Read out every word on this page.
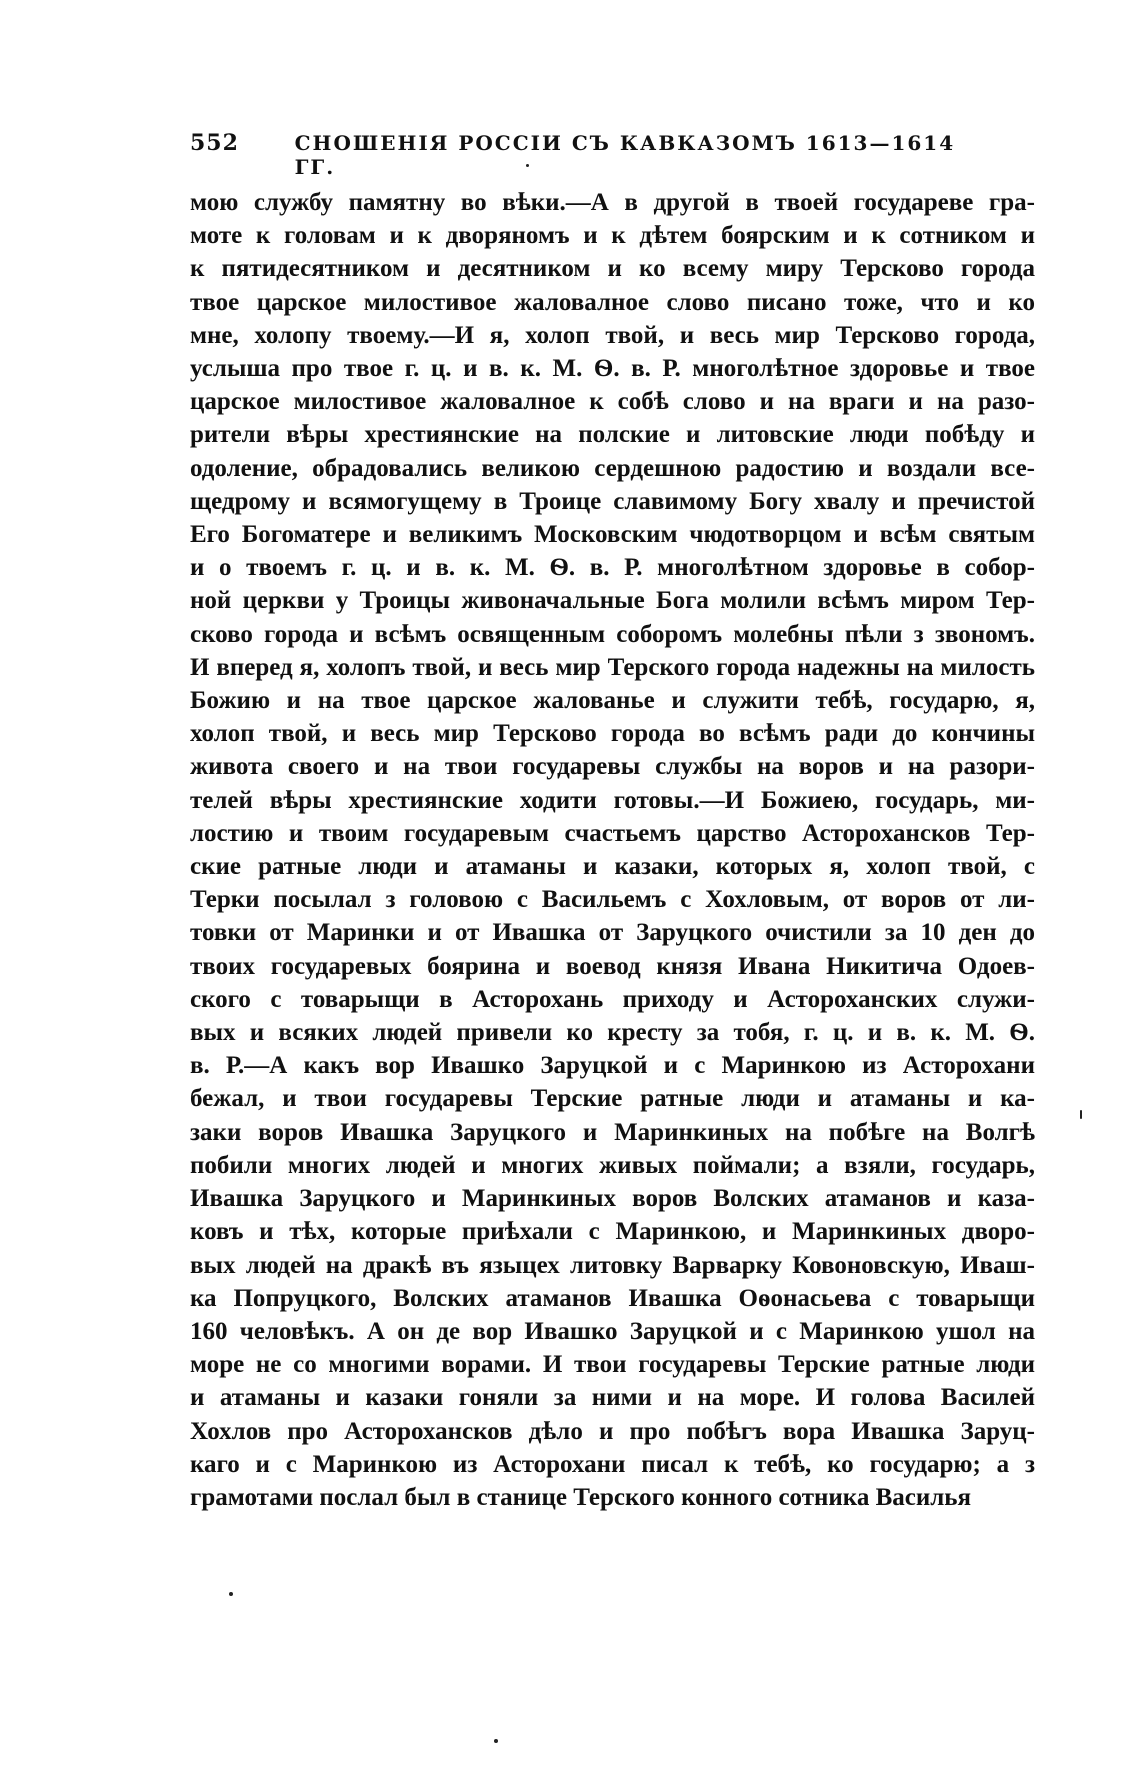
552	СНОШЕНІЯ РОССІИ СЪ КАВКАЗОМЪ 1613—1614 ГГ.
мою службу памятну во вѣки.—А в другой в твоей государеве гра-
моте к головам и к дворяномъ и к дѣтем боярским и к сотником и
к пятидесятником и десятником и ко всему миру Терсково города
твое царское милостивое жаловалное слово писано тоже, что и ко
мне, холопу твоему.—И я, холоп твой, и весь мир Терсково города,
услыша про твое г. ц. и в. к. М. Ѳ. в. Р. многолѣтное здоровье и твое
царское милостивое жаловалное к собѣ слово и на враги и на разо-
рители вѣры хрестиянские на полские и литовские люди побѣду и
одоление, обрадовались великою сердешною радостию и воздали все-
щедрому и всямогущему в Троице славимому Богу хвалу и пречистой
Его Богоматере и великимъ Московским чюдотворцом и всѣм святым
и о твоемъ г. ц. и в. к. М. Ѳ. в. Р. многолѣтном здоровье в собор-
ной церкви у Троицы живоначальные Бога молили всѣмъ миром Тер-
сково города и всѣмъ освященным соборомъ молебны пѣли з звономъ.
И вперед я, холопъ твой, и весь мир Терского города надежны на милость
Божию и на твое царское жалованье и служити тебѣ, государю, я,
холоп твой, и весь мир Терсково города во всѣмъ ради до кончины
живота своего и на твои государевы службы на воров и на разори-
телей вѣры хрестиянские ходити готовы.—И Божиею, государь, ми-
лостию и твоим государевым счастьемъ царство Асторохансков Тер-
ские ратные люди и атаманы и казаки, которых я, холоп твой, с
Терки посылал з головою с Васильемъ с Хохловым, от воров от ли-
товки от Маринки и от Ивашка от Заруцкого очистили за 10 ден до
твоих государевых боярина и воевод князя Ивана Никитича Одоев-
ского с товарыщи в Асторохань приходу и Астороханских служи-
вых и всяких людей привели ко кресту за тобя, г. ц. и в. к. М. Ѳ.
в. Р.—А какъ вор Ивашко Заруцкой и с Маринкою из Асторохани
бежал, и твои государевы Терские ратные люди и атаманы и ка-
заки воров Ивашка Заруцкого и Маринкиных на побѣге на Волгѣ
побили многих людей и многих живых поймали; а взяли, государь,
Ивашка Заруцкого и Маринкиных воров Волских атаманов и каза-
ковъ и тѣх, которые приѣхали с Маринкою, и Маринкиных дворо-
вых людей на дракѣ въ языцех литовку Варварку Ковоновскую, Иваш-
ка Попруцкого, Волских атаманов Ивашка Оѳонасьева с товарыщи
160 человѣкъ. А он де вор Ивашко Заруцкой и с Маринкою ушол на
море не со многими ворами. И твои государевы Терские ратные люди
и атаманы и казаки гоняли за ними и на море. И голова Василей
Хохлов про Асторохансков дѣло и про побѣгъ вора Ивашка Заруц-
каго и с Маринкою из Асторохани писал к тебѣ, ко государю; а з
грамотами послал был в станице Терского конного сотника Василья
